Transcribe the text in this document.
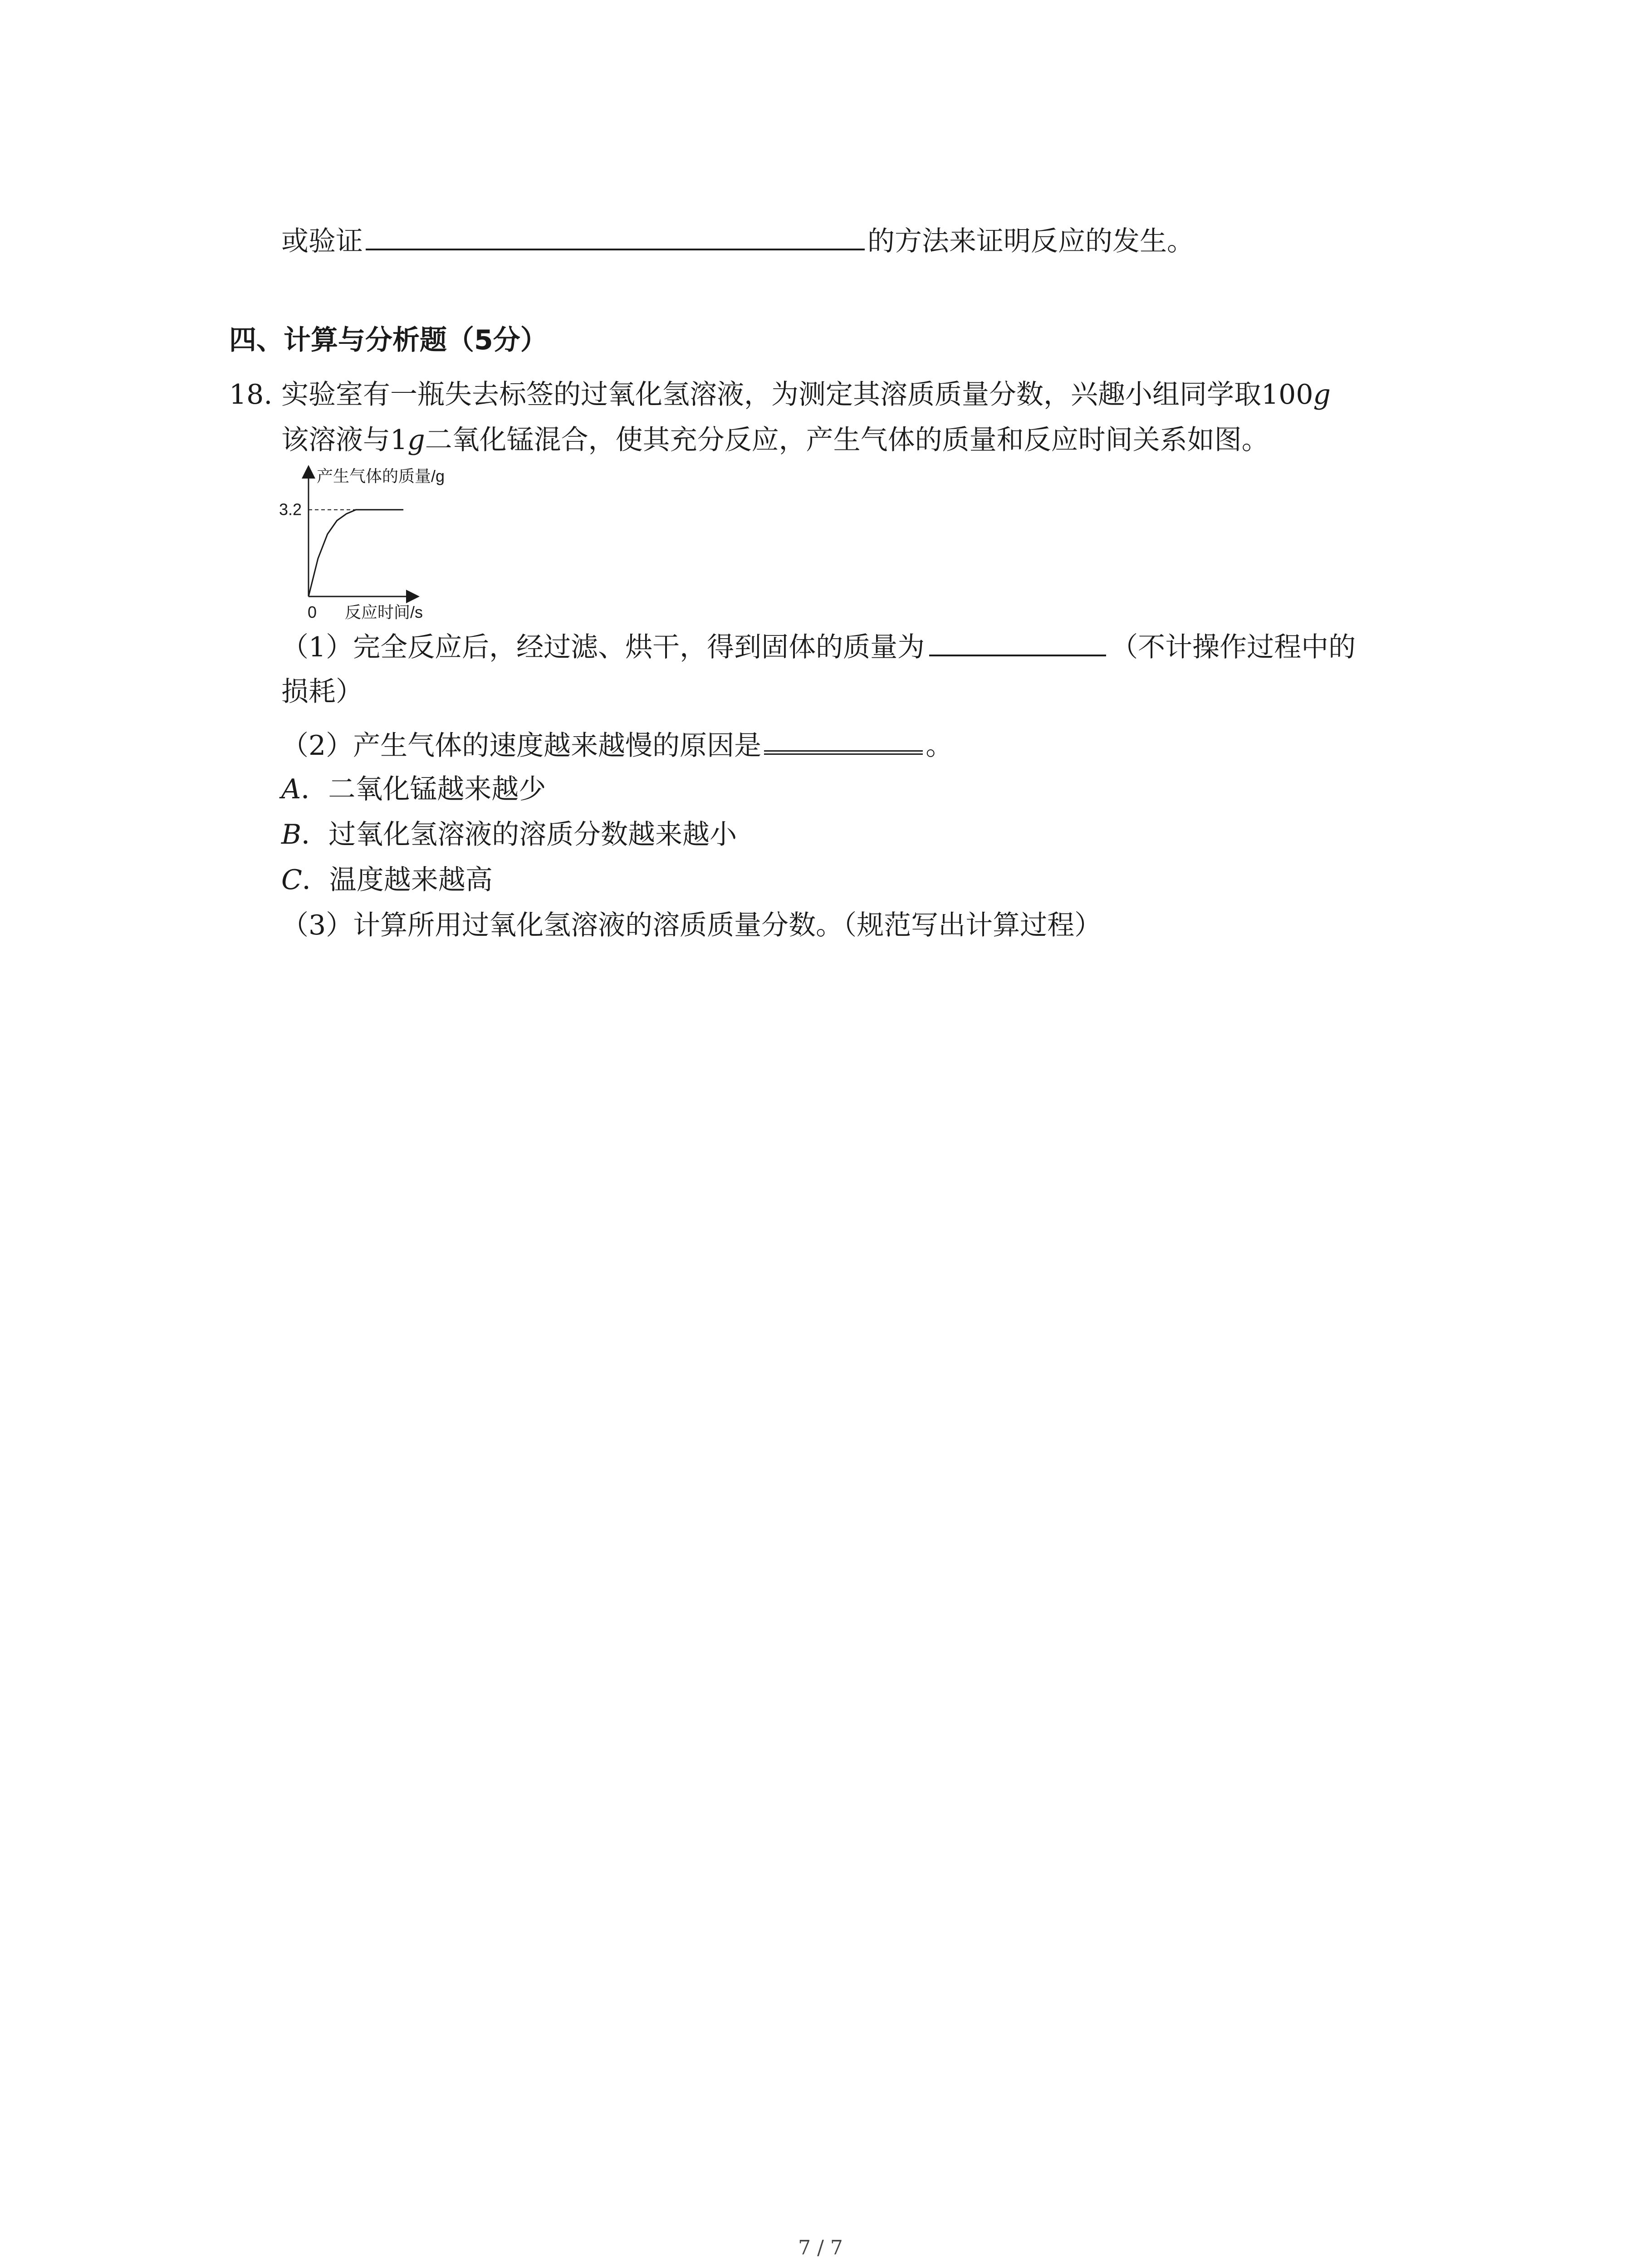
或验证	的方法来证明反应的发生。
四、计算与分析题（5分）
18. 实验室有一瓶失去标签的过氧化氢溶液，为测定其溶质质量分数，兴趣小组同学取100g
该溶液与1g二氧化锰混合，使其充分反应，产生气体的质量和反应时间关系如图。
产生气体的质量/g
反应时间/s
0
3.2
（1）完全反应后，经过滤、烘干，得到固体的质量为	（不计操作过程中的
损耗）
（2）产生气体的速度越来越慢的原因是	。
A．二氧化锰越来越少
B．过氧化氢溶液的溶质分数越来越小
C．温度越来越高
（3）计算所用过氧化氢溶液的溶质质量分数。（规范写出计算过程）
7 / 7
